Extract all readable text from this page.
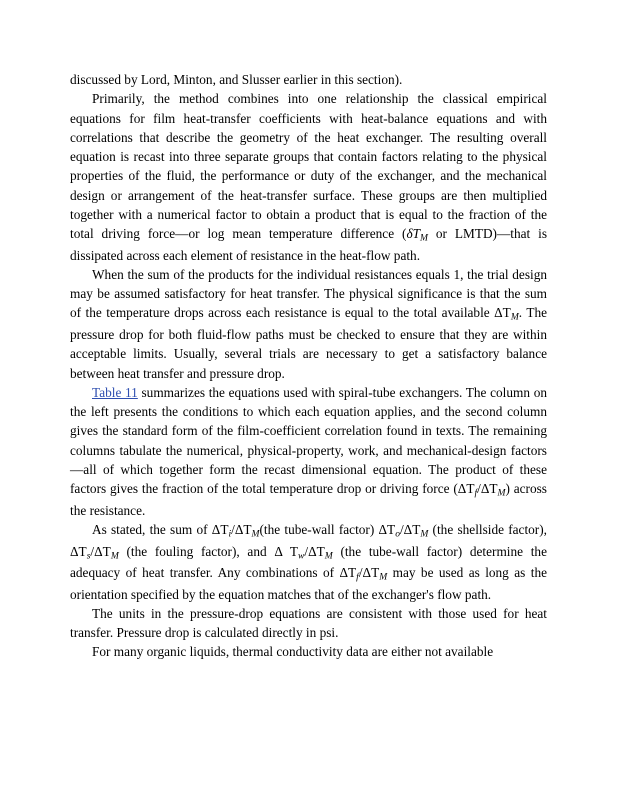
discussed by Lord, Minton, and Slusser earlier in this section).

Primarily, the method combines into one relationship the classical empirical equations for film heat-transfer coefficients with heat-balance equations and with correlations that describe the geometry of the heat exchanger. The resulting overall equation is recast into three separate groups that contain factors relating to the physical properties of the fluid, the performance or duty of the exchanger, and the mechanical design or arrangement of the heat-transfer surface. These groups are then multiplied together with a numerical factor to obtain a product that is equal to the fraction of the total driving force—or log mean temperature difference ($\delta T_M$ or LMTD)—that is dissipated across each element of resistance in the heat-flow path.

When the sum of the products for the individual resistances equals 1, the trial design may be assumed satisfactory for heat transfer. The physical significance is that the sum of the temperature drops across each resistance is equal to the total available $\Delta T_M$. The pressure drop for both fluid-flow paths must be checked to ensure that they are within acceptable limits. Usually, several trials are necessary to get a satisfactory balance between heat transfer and pressure drop.

Table 11 summarizes the equations used with spiral-tube exchangers. The column on the left presents the conditions to which each equation applies, and the second column gives the standard form of the film-coefficient correlation found in texts. The remaining columns tabulate the numerical, physical-property, work, and mechanical-design factors—all of which together form the recast dimensional equation. The product of these factors gives the fraction of the total temperature drop or driving force $(\Delta T_f/\Delta T_M)$ across the resistance.

As stated, the sum of $\Delta T_i/\Delta T_M(the$ tube-wall factor) $\Delta T_o/\Delta T_M$ (the shellside factor), $\Delta T_s/\Delta T_M$ (the fouling factor), and Δ $T_w/\Delta T_M$ (the tube-wall factor) determine the adequacy of heat transfer. Any combinations of $\Delta T_f/\Delta T_M$ may be used as long as the orientation specified by the equation matches that of the exchanger's flow path.

The units in the pressure-drop equations are consistent with those used for heat transfer. Pressure drop is calculated directly in psi.

For many organic liquids, thermal conductivity data are either not available
